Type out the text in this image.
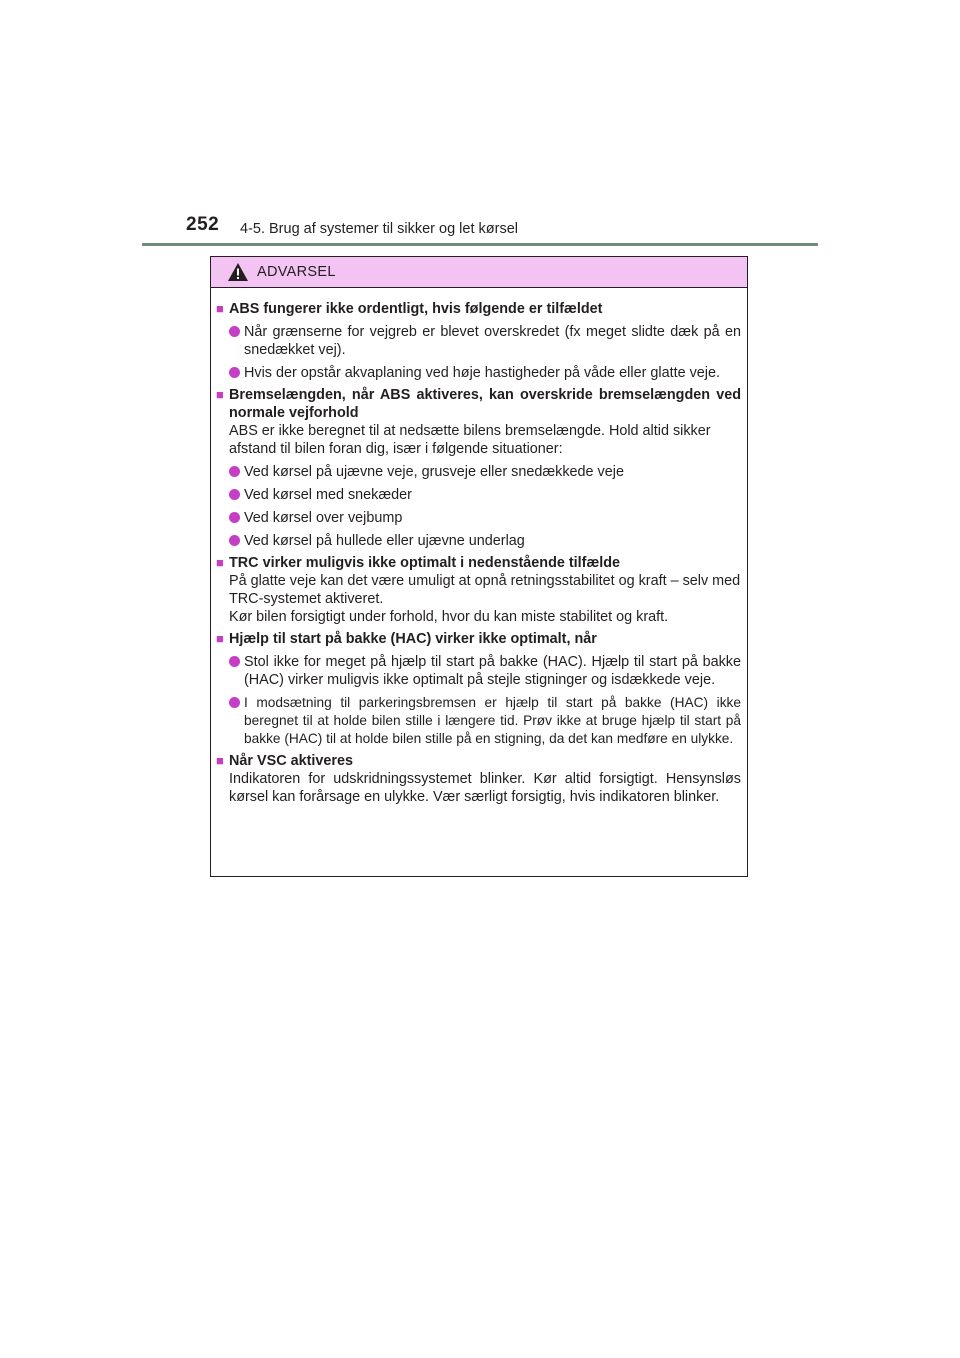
252 4-5. Brug af systemer til sikker og let kørsel
ADVARSEL
■ ABS fungerer ikke ordentligt, hvis følgende er tilfældet
Når grænserne for vejgreb er blevet overskredet (fx meget slidte dæk på en snedækket vej).
Hvis der opstår akvaplaning ved høje hastigheder på våde eller glatte veje.
■ Bremselængden, når ABS aktiveres, kan overskride bremselængden ved normale vejforhold
ABS er ikke beregnet til at nedsætte bilens bremselængde. Hold altid sikker afstand til bilen foran dig, især i følgende situationer:
Ved kørsel på ujævne veje, grusveje eller snedækkede veje
Ved kørsel med snekæder
Ved kørsel over vejbump
Ved kørsel på hullede eller ujævne underlag
■ TRC virker muligvis ikke optimalt i nedenstående tilfælde
På glatte veje kan det være umuligt at opnå retningsstabilitet og kraft – selv med TRC-systemet aktiveret.
Kør bilen forsigtigt under forhold, hvor du kan miste stabilitet og kraft.
■ Hjælp til start på bakke (HAC) virker ikke optimalt, når
Stol ikke for meget på hjælp til start på bakke (HAC). Hjælp til start på bakke (HAC) virker muligvis ikke optimalt på stejle stigninger og isdækkede veje.
I modsætning til parkeringsbremsen er hjælp til start på bakke (HAC) ikke beregnet til at holde bilen stille i længere tid. Prøv ikke at bruge hjælp til start på bakke (HAC) til at holde bilen stille på en stigning, da det kan medføre en ulykke.
■ Når VSC aktiveres
Indikatoren for udskridningssystemet blinker. Kør altid forsigtigt. Hensynsløs kørsel kan forårsage en ulykke. Vær særligt forsigtig, hvis indikatoren blinker.
